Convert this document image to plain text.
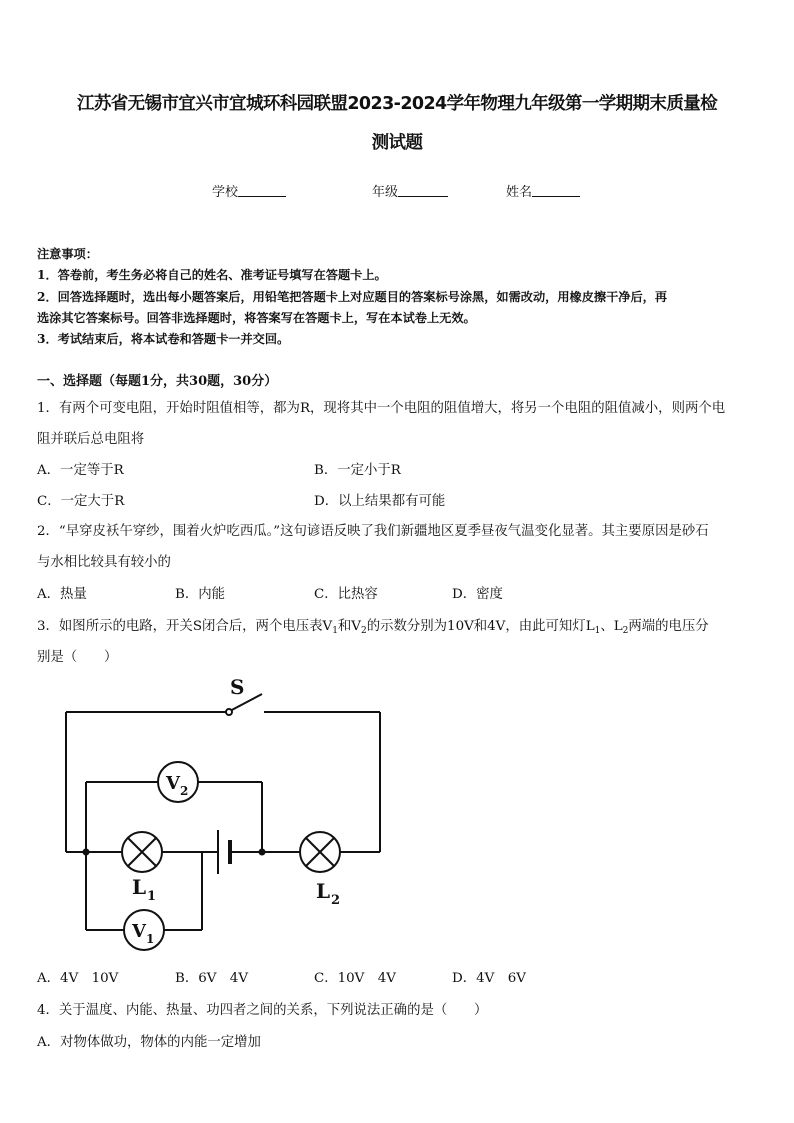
江苏省无锡市宜兴市宜城环科园联盟2023-2024学年物理九年级第一学期期末质量检
测试题
学校	年级	姓名
注意事项：
1．答卷前，考生务必将自己的姓名、准考证号填写在答题卡上。
2．回答选择题时，选出每小题答案后，用铅笔把答题卡上对应题目的答案标号涂黑，如需改动，用橡皮擦干净后，再
选涂其它答案标号。回答非选择题时，将答案写在答题卡上，写在本试卷上无效。
3．考试结束后，将本试卷和答题卡一并交回。
一、选择题（每题1分，共30题，30分）
1．有两个可变电阻，开始时阻值相等，都为R，现将其中一个电阻的阻值增大，将另一个电阻的阻值减小，则两个电
阻并联后总电阻将
A．一定等于R	B．一定小于R
C．一定大于R	D．以上结果都有可能
2．“早穿皮袄午穿纱，围着火炉吃西瓜。”这句谚语反映了我们新疆地区夏季昼夜气温变化显著。其主要原因是砂石
与水相比较具有较小的
A．热量	B．内能	C．比热容	D．密度
3．如图所示的电路，开关S闭合后，两个电压表$V_1$和$V_2$的示数分别为10V和4V，由此可知灯$L_1$、$L_2$两端的电压分
别是（　　）
S
V 2
V 1
L 1	L 2
A．4V　10V	B．6V　4V	C．10V　4V	D．4V　6V
4．关于温度、内能、热量、功四者之间的关系，下列说法正确的是（　　）
A．对物体做功，物体的内能一定增加
